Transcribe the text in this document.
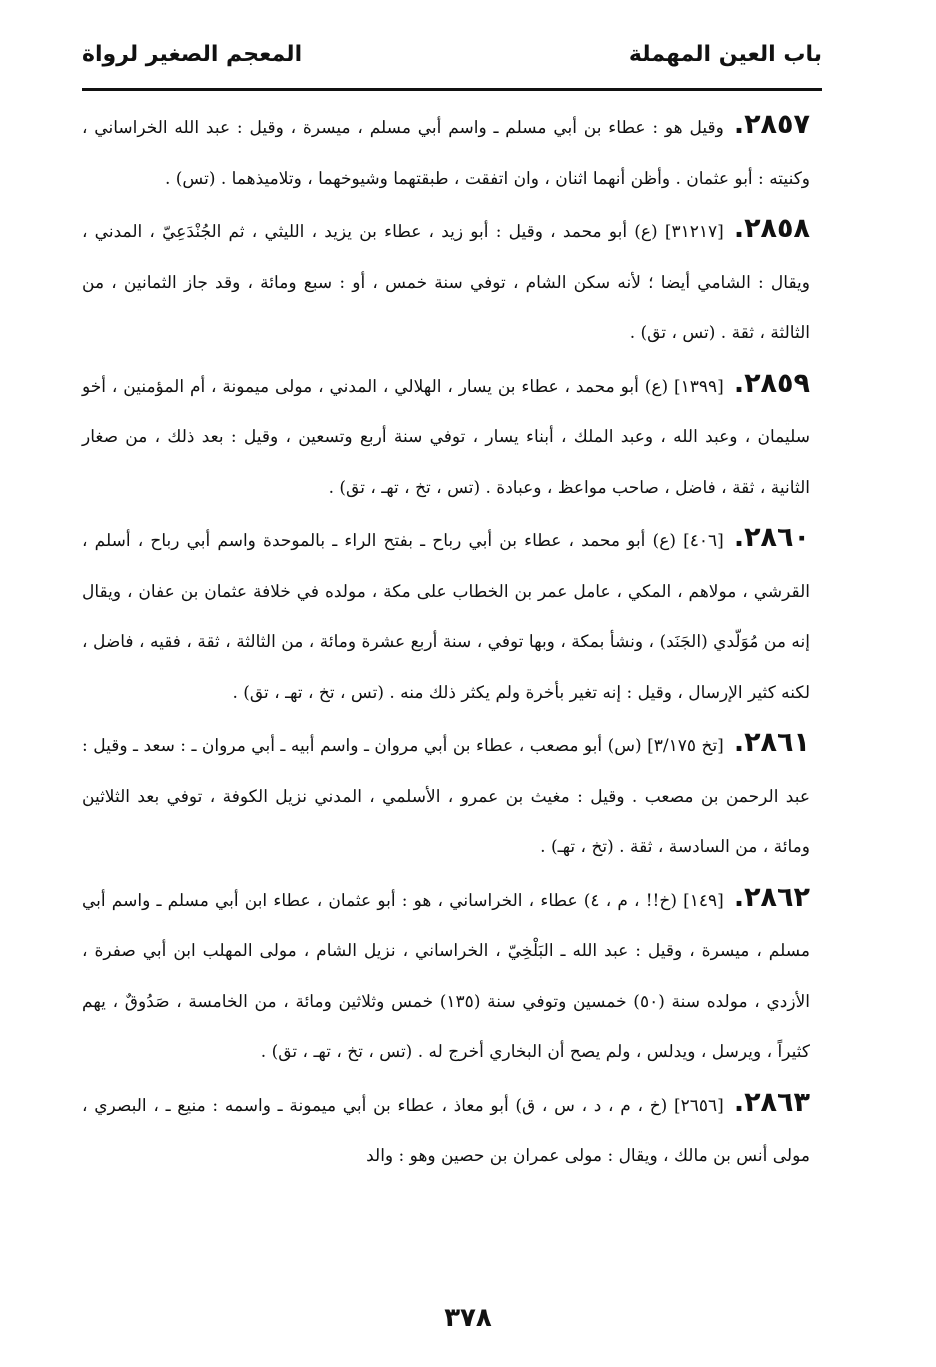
باب العين المهملة
المعجم الصغير لرواة

٢٨٥٧.وقيل هو : عطاء بن أبي مسلم ـ واسم أبي مسلم ، ميسرة ، وقيل : عبد الله الخراساني ، وكنيته : أبو عثمان . وأظن أنهما اثنان ، وان اتفقت ، طبقتهما وشيوخهما ، وتلاميذهما . (تس) .

٢٨٥٨.[٣١٢١٧] (ع) أبو محمد ، وقيل : أبو زيد ، عطاء بن يزيد ، الليثي ، ثم الجُنْدَعِيّ ، المدني ، ويقال : الشامي أيضا ؛ لأنه سكن الشام ، توفي سنة خمس ، أو : سبع ومائة ، وقد جاز الثمانين ، من الثالثة ، ثقة . (تس ، تق) .

٢٨٥٩.[١٣٩٩] (ع) أبو محمد ، عطاء بن يسار ، الهلالي ، المدني ، مولى ميمونة ، أم المؤمنين ، أخو سليمان ، وعبد الله ، وعبد الملك ، أبناء يسار ، توفي سنة أربع وتسعين ، وقيل : بعد ذلك ، من صغار الثانية ، ثقة ، فاضل ، صاحب مواعظ ، وعبادة . (تس ، تخ ، تهـ ، تق) .

٢٨٦٠.[٤٠٦] (ع) أبو محمد ، عطاء بن أبي رباح ـ بفتح الراء ـ بالموحدة واسم أبي رباح ، أسلم ، القرشي ، مولاهم ، المكي ، عامل عمر بن الخطاب على مكة ، مولده في خلافة عثمان بن عفان ، ويقال إنه من مُوَلّدي (الجَنَد) ، ونشأ بمكة ، وبها توفي ، سنة أربع عشرة ومائة ، من الثالثة ، ثقة ، فقيه ، فاضل ، لكنه كثير الإرسال ، وقيل : إنه تغير بأخرة ولم يكثر ذلك منه . (تس ، تخ ، تهـ ، تق) .

٢٨٦١.[تخ ٣/١٧٥] (س) أبو مصعب ، عطاء بن أبي مروان ـ واسم أبيه ـ أبي مروان ـ : سعد ـ وقيل : عبد الرحمن بن مصعب . وقيل : مغيث بن عمرو ، الأسلمي ، المدني نزيل الكوفة ، توفي بعد الثلاثين ومائة ، من السادسة ، ثقة . (تخ ، تهـ) .

٢٨٦٢.[١٤٩] (خ!! ، م ، ٤) عطاء ، الخراساني ، هو : أبو عثمان ، عطاء ابن أبي مسلم ـ واسم أبي مسلم ، ميسرة ، وقيل : عبد الله ـ البَلْخِيّ ، الخراساني ، نزيل الشام ، مولى المهلب ابن أبي صفرة ، الأزدي ، مولده سنة (٥٠) خمسين وتوفي سنة (١٣٥) خمس وثلاثين ومائة ، من الخامسة ، صَدُوقٌ ، يهم كثيراً ، ويرسل ، ويدلس ، ولم يصح أن البخاري أخرج له . (تس ، تخ ، تهـ ، تق) .

٢٨٦٣.[٢٦٥٦] (خ ، م ، د ، س ، ق) أبو معاذ ، عطاء بن أبي ميمونة ـ واسمه : منيع ـ ، البصري ، مولى أنس بن مالك ، ويقال : مولى عمران بن حصين وهو : والد

٣٧٨
